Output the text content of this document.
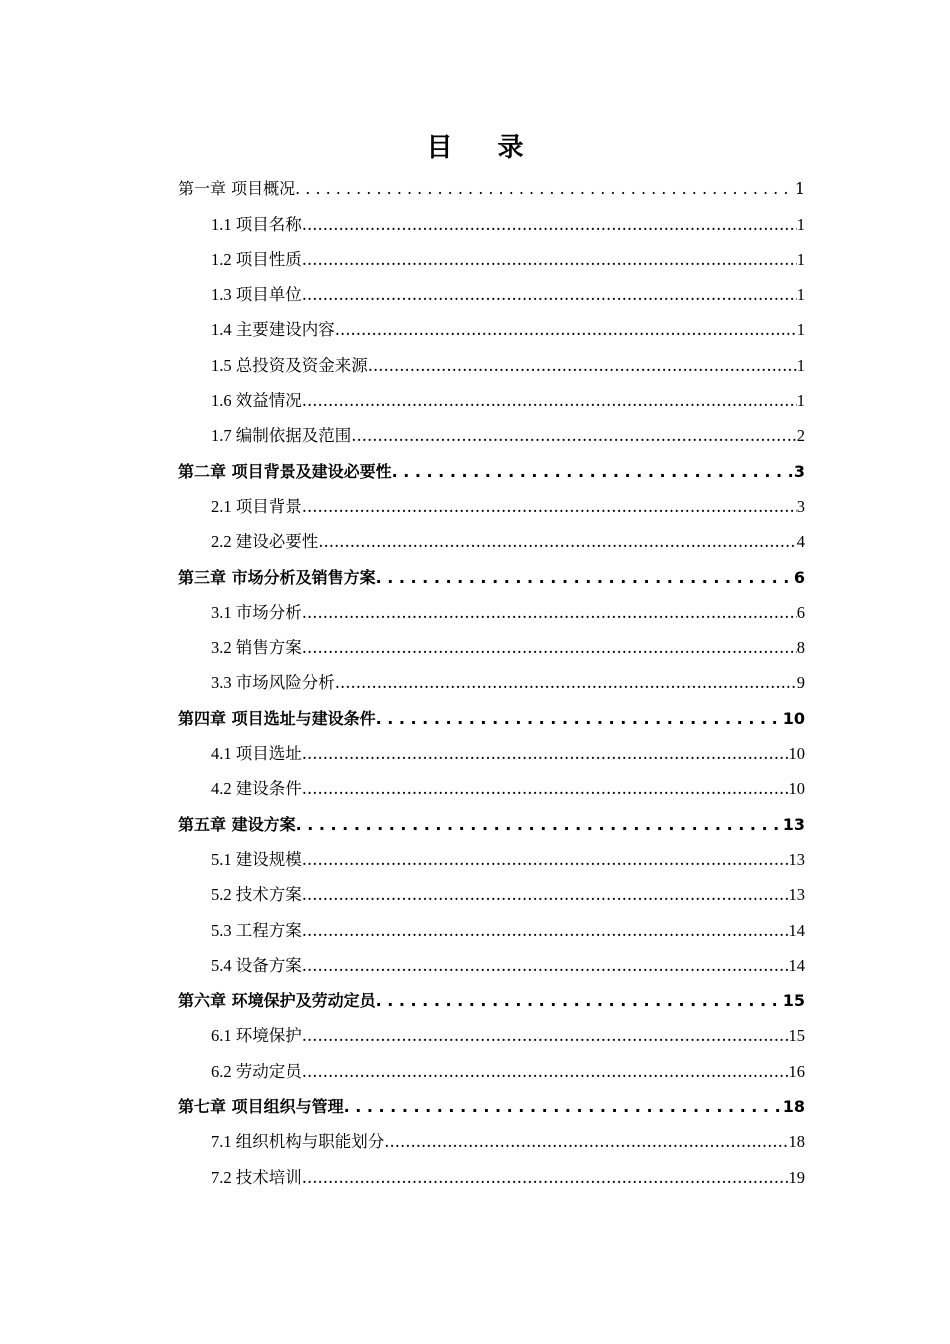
目 录
第一章 项目概况 . . .	1
1.1 项目名称 .....	1
1.2 项目性质 .....	1
1.3 项目单位 .....	1
1.4 主要建设内容 .....	1
1.5 总投资及资金来源 .....	1
1.6 效益情况 .....	1
1.7 编制依据及范围 .....	2
第二章 项目背景及建设必要性 . . .	3
2.1 项目背景 .....	3
2.2 建设必要性 .....	4
第三章 市场分析及销售方案 . . .	6
3.1 市场分析 .....	6
3.2 销售方案 .....	8
3.3 市场风险分析 .....	9
第四章 项目选址与建设条件 . . .	10
4.1 项目选址 .....	10
4.2 建设条件 .....	10
第五章 建设方案 . . .	13
5.1 建设规模 .....	13
5.2 技术方案 .....	13
5.3 工程方案 .....	14
5.4 设备方案 .....	14
第六章 环境保护及劳动定员 . . .	15
6.1 环境保护 .....	15
6.2 劳动定员 .....	16
第七章 项目组织与管理 . . .	18
7.1 组织机构与职能划分 .....	18
7.2 技术培训 .....	19
